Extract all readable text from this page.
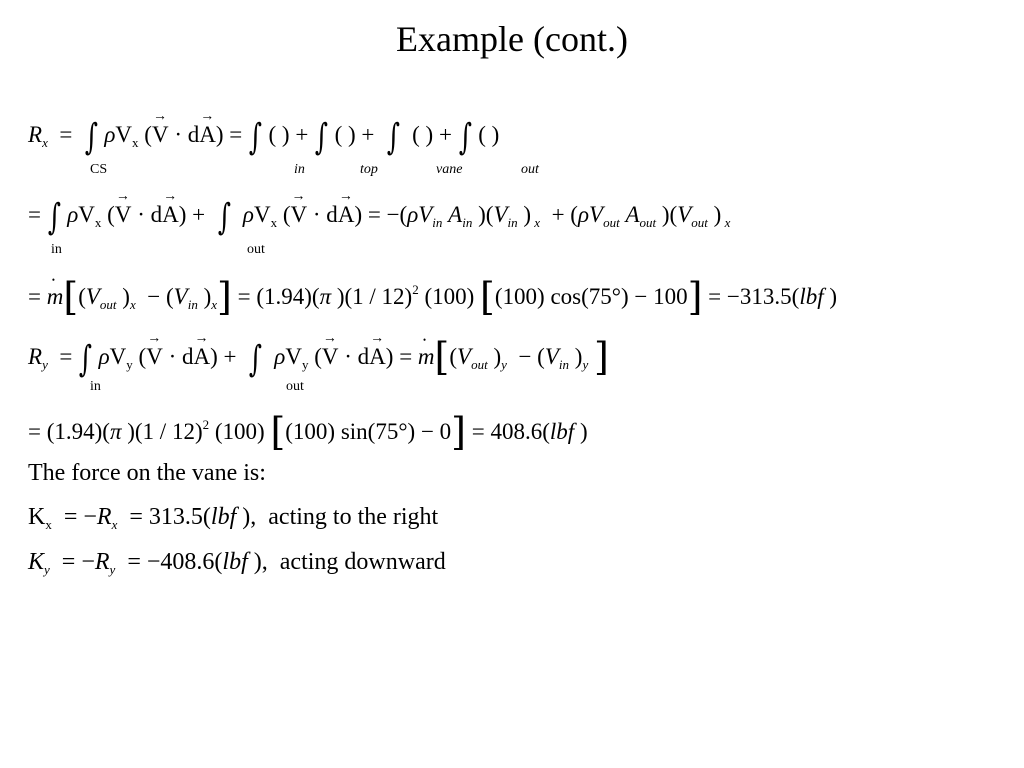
Example (cont.)
$R_x$  =  ∫ $\rho V_x$ (→ V · d→ A) = ∫ ( ) + ∫ ( ) +  ∫  ( ) + ∫ ( )
CS	in	top	vane	out
= ∫ $\rho V_x$ (→ V · d→ A) +  ∫ $\rho V_x$ (→ $V \cdot d\to A) = -(\rho V_{in}$ $A_{in}$ )($V_{in}$ ) $_x + (\rho V_{out}$ $A_{out}$ )($V_{out}$ ) $_x$
in	out
= • $m[(V_{out}$ )$_x - (V_{in}$ )$_x] = (1.94)(\pi$ )(1 / 12)$^2$ (100) [(100) cos(75°) − 100] = −313.5(lbf )
$R_y$  = ∫ $\rho V_y$ (→ V · d→ A) +  ∫ $\rho V_y$ (→ V · d→ A) = • $m[(V_{out}$ )$_y - (V_{in}$ )$_y$ ]
in	out
= (1.94)(π )(1 / 12)$^2$ (100) [(100) sin(75°) − 0] = 408.6(lbf )
The force on the vane is:
$K_x = -R_x = 313.5(lbf$ ),  acting to the right
$K_y = -R_y = -408.6(lbf$ ),  acting downward
